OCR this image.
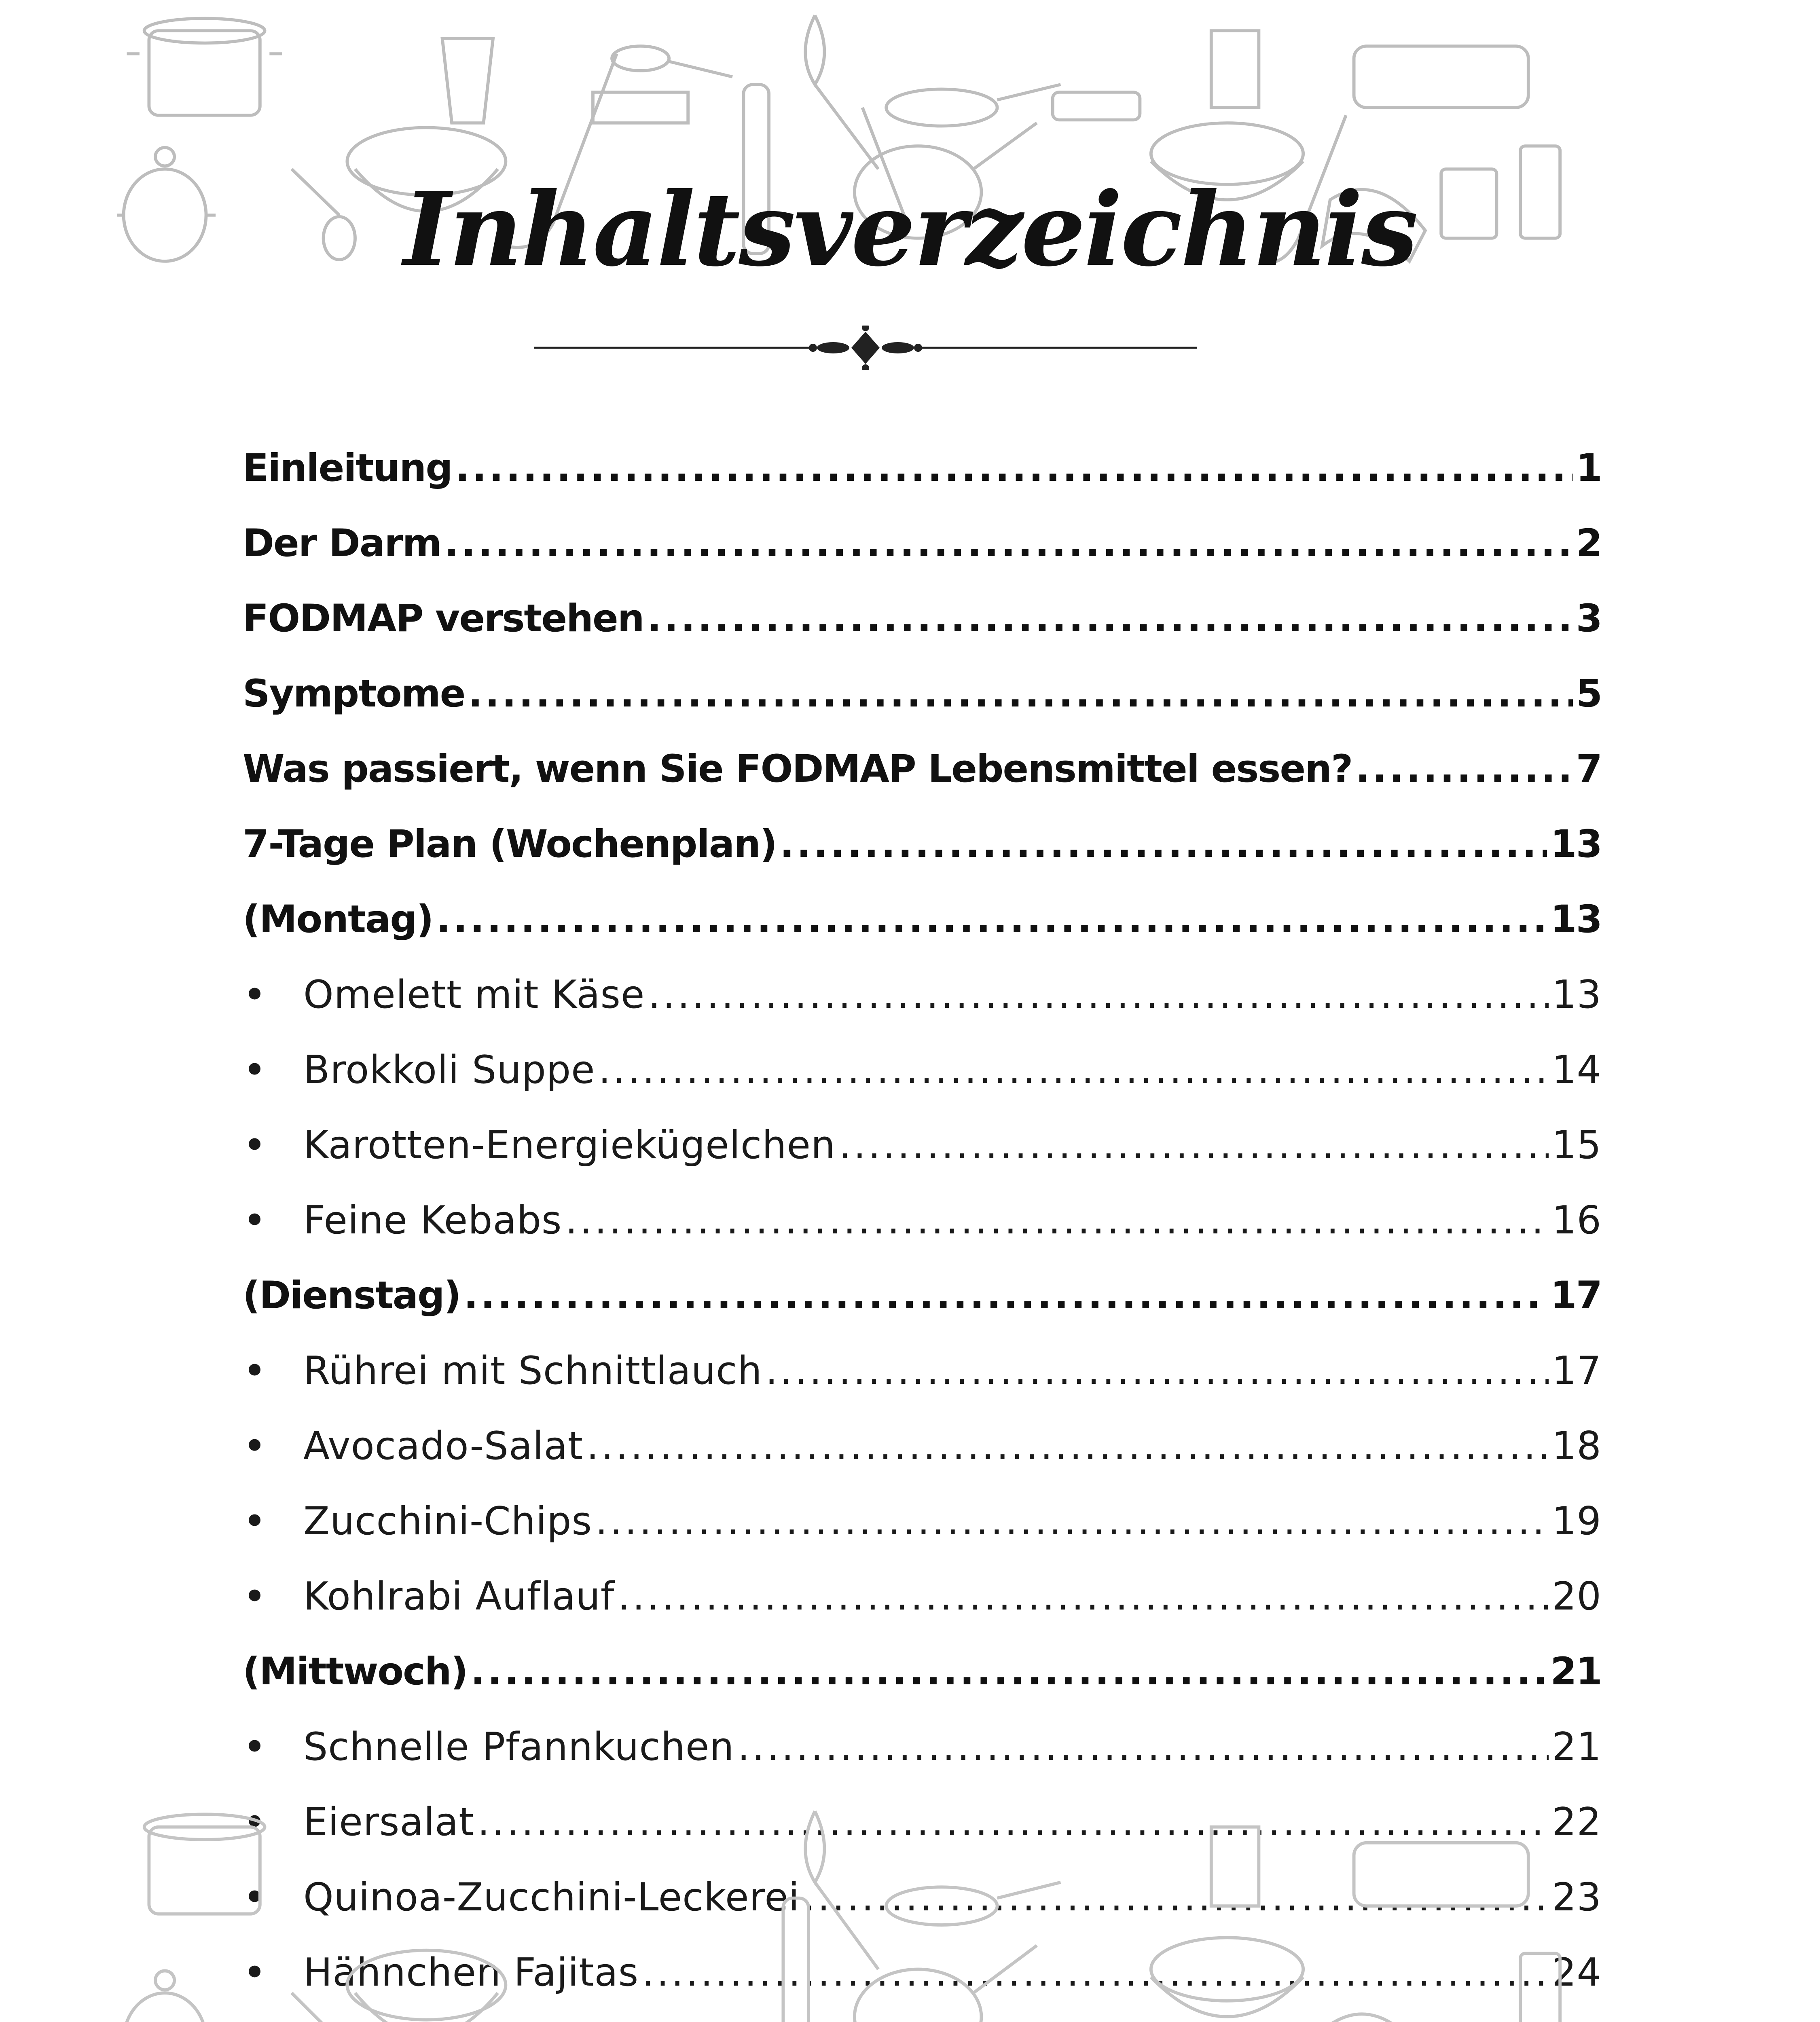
Inhaltsverzeichnis
Einleitung .....	1
Der Darm .....	2
FODMAP verstehen .....	3
Symptome .....	5
Was passiert, wenn Sie FODMAP Lebensmittel essen? .....	7
7-Tage Plan (Wochenplan) .....	13
(Montag) .....	13
• Omelett mit Käse .....	13
• Brokkoli Suppe .....	14
• Karotten-Energiekügelchen .....	15
• Feine Kebabs .....	16
(Dienstag) .....	17
• Rührei mit Schnittlauch .....	17
• Avocado-Salat .....	18
• Zucchini-Chips .....	19
• Kohlrabi Auflauf .....	20
(Mittwoch) .....	21
• Schnelle Pfannkuchen .....	21
• Eiersalat .....	22
• Quinoa-Zucchini-Leckerei .....	23
• Hähnchen Fajitas .....	24
